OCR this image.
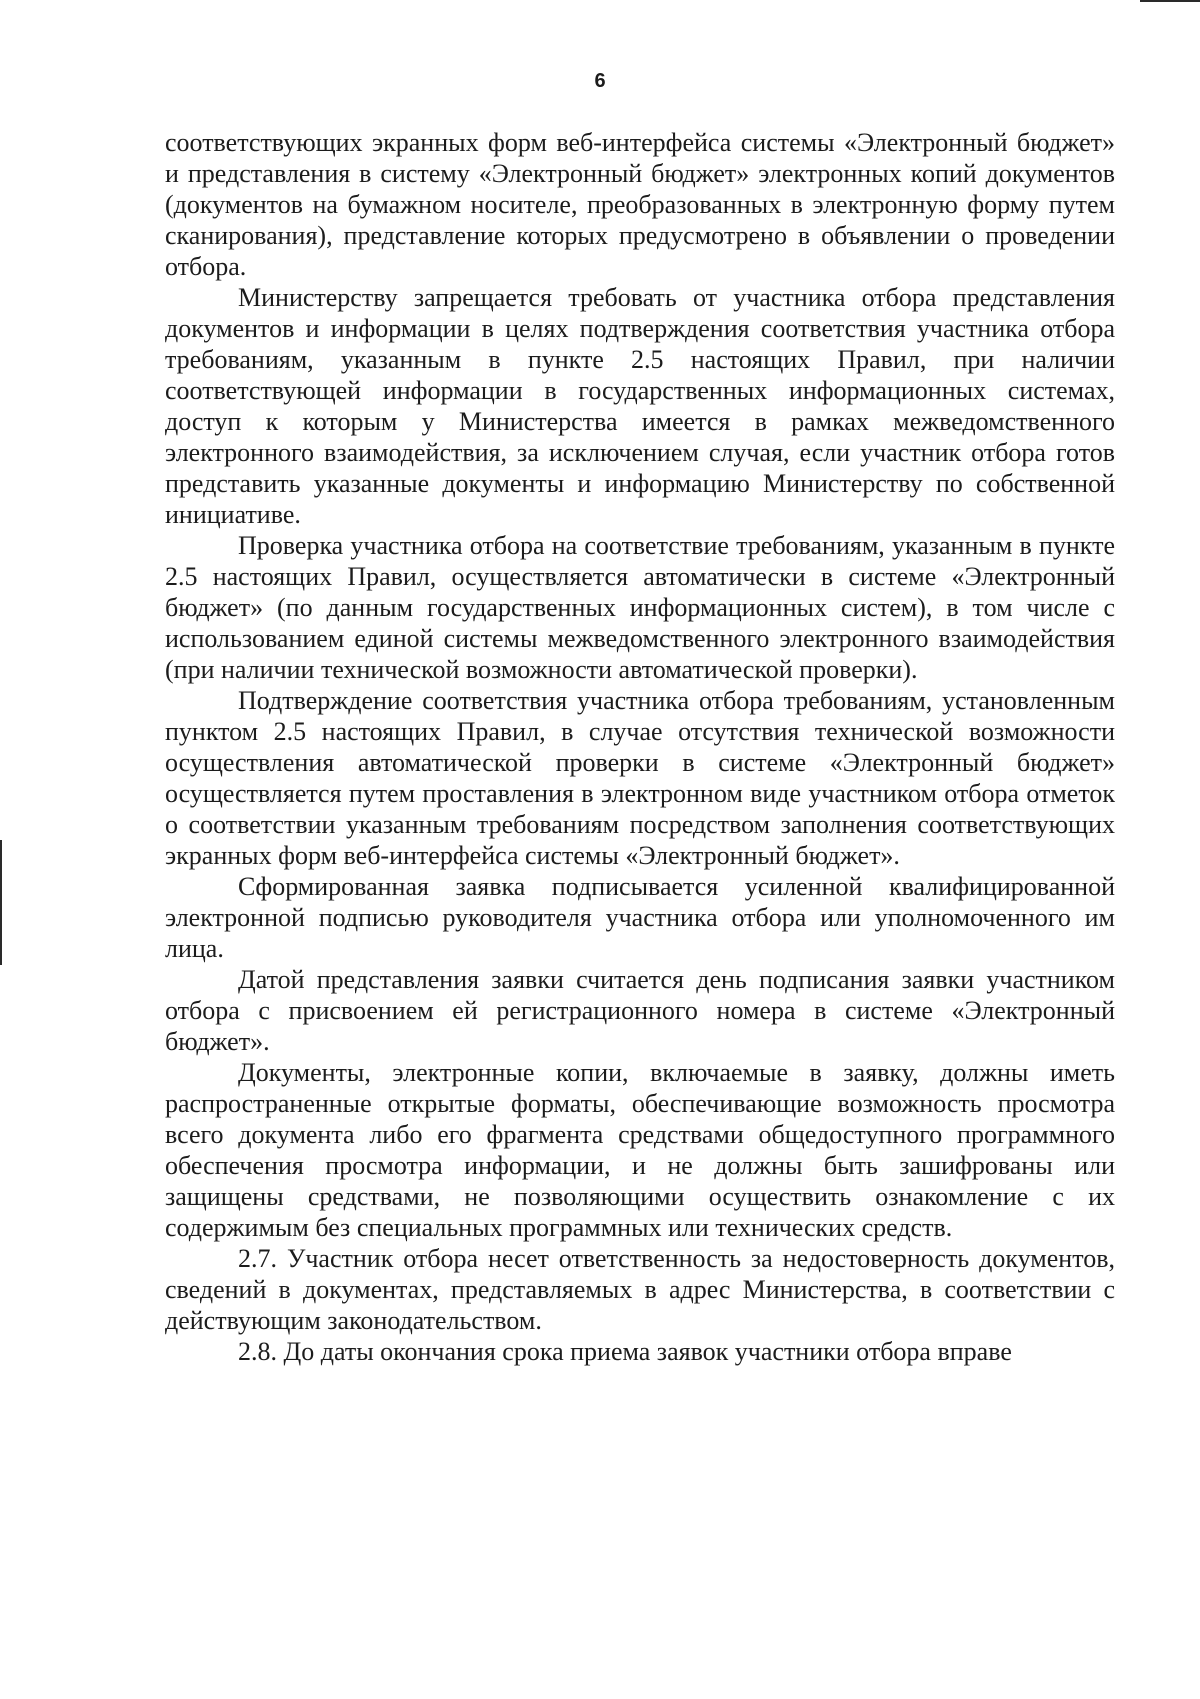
6

соответствующих экранных форм веб-интерфейса системы «Электронный бюджет» и представления в систему «Электронный бюджет» электронных копий документов (документов на бумажном носителе, преобразованных в электронную форму путем сканирования), представление которых предусмотрено в объявлении о проведении отбора.

Министерству запрещается требовать от участника отбора представления документов и информации в целях подтверждения соответствия участника отбора требованиям, указанным в пункте 2.5 настоящих Правил, при наличии соответствующей информации в государственных информационных системах, доступ к которым у Министерства имеется в рамках межведомственного электронного взаимодействия, за исключением случая, если участник отбора готов представить указанные документы и информацию Министерству по собственной инициативе.

Проверка участника отбора на соответствие требованиям, указанным в пункте 2.5 настоящих Правил, осуществляется автоматически в системе «Электронный бюджет» (по данным государственных информационных систем), в том числе с использованием единой системы межведомственного электронного взаимодействия (при наличии технической возможности автоматической проверки).

Подтверждение соответствия участника отбора требованиям, установленным пунктом 2.5 настоящих Правил, в случае отсутствия технической возможности осуществления автоматической проверки в системе «Электронный бюджет» осуществляется путем проставления в электронном виде участником отбора отметок о соответствии указанным требованиям посредством заполнения соответствующих экранных форм веб-интерфейса системы «Электронный бюджет».

Сформированная заявка подписывается усиленной квалифицированной электронной подписью руководителя участника отбора или уполномоченного им лица.

Датой представления заявки считается день подписания заявки участником отбора с присвоением ей регистрационного номера в системе «Электронный бюджет».

Документы, электронные копии, включаемые в заявку, должны иметь распространенные открытые форматы, обеспечивающие возможность просмотра всего документа либо его фрагмента средствами общедоступного программного обеспечения просмотра информации, и не должны быть зашифрованы или защищены средствами, не позволяющими осуществить ознакомление с их содержимым без специальных программных или технических средств.

2.7. Участник отбора несет ответственность за недостоверность документов, сведений в документах, представляемых в адрес Министерства, в соответствии с действующим законодательством.

2.8. До даты окончания срока приема заявок участники отбора вправе
